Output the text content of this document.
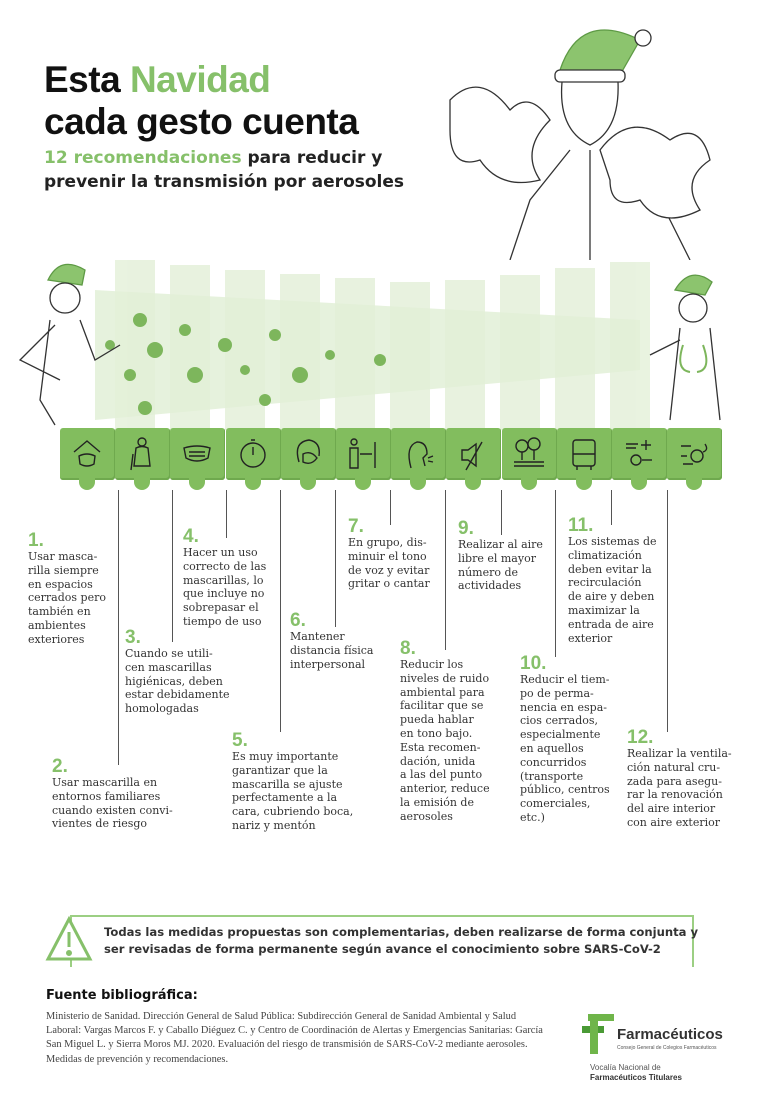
Esta Navidad
cada gesto cuenta
12 recomendaciones para reducir y
prevenir la transmisión por aerosoles
1.
Usar masca-
rilla siempre
en espacios
cerrados pero
también en
ambientes
exteriores
2.
Usar mascarilla en
entornos familiares
cuando existen convi-
vientes de riesgo
3.
Cuando se utili-
cen mascarillas
higiénicas, deben
estar debidamente
homologadas
4.
Hacer un uso
correcto de las
mascarillas, lo
que incluye no
sobrepasar el
tiempo de uso
5.
Es muy importante
garantizar que la
mascarilla se ajuste
perfectamente a la
cara, cubriendo boca,
nariz y mentón
6.
Mantener
distancia física
interpersonal
7.
En grupo, dis-
minuir el tono
de voz y evitar
gritar o cantar
8.
Reducir los
niveles de ruido
ambiental para
facilitar que se
pueda hablar
en tono bajo.
Esta recomen-
dación, unida
a las del punto
anterior, reduce
la emisión de
aerosoles
9.
Realizar al aire
libre el mayor
número de
actividades
10.
Reducir el tiem-
po de perma-
nencia en espa-
cios cerrados,
especialmente
en aquellos
concurridos
(transporte
público, centros
comerciales,
etc.)
11.
Los sistemas de
climatización
deben evitar la
recirculación
de aire y deben
maximizar la
entrada de aire
exterior
12.
Realizar la ventila-
ción natural cru-
zada para asegu-
rar la renovación
del aire interior
con aire exterior
Todas las medidas propuestas son complementarias, deben realizarse de forma conjunta y
ser revisadas de forma permanente según avance el conocimiento sobre SARS-CoV-2
Fuente bibliográfica:
Ministerio de Sanidad. Dirección General de Salud Pública: Subdirección General de Sanidad Ambiental y Salud Laboral: Vargas Marcos F. y Caballo Diéguez C. y Centro de Coordinación de Alertas y Emergencias Sanitarias: García San Miguel L. y Sierra Moros MJ. 2020. Evaluación del riesgo de transmisión de SARS-CoV-2 mediante aerosoles. Medidas de prevención y recomendaciones.
Farmacéuticos
Consejo General de Colegios Farmacéuticos
Vocalía Nacional de
Farmacéuticos Titulares
